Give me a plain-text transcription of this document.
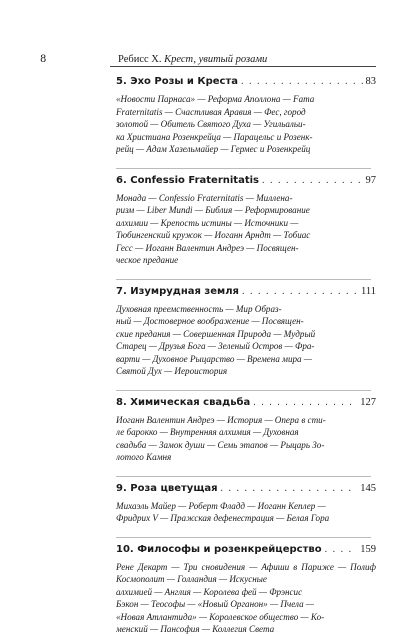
8	Ребисс X. Крест, увитый розами
5. Эхо Розы и Креста . . .	83
«Новости Парнаса» — Реформа Аполлона — Fama
Fraternitatis — Счастливая Аравия — Фес, город
золотой — Обитель Святого Духа — Угильальи-
ка Христиана Розенкрейца — Парацельс и Розенк-
рейц — Адам Хазельмайер — Гермес и Розенкрейц
6. Confessio Fraternitatis . . .	97
Монада — Confessio Fraternitatis — Миллена-
ризм — Liber Mundi — Библия — Реформирование
алхимии — Крепость истины — Источники —
Тюбингенский кружок — Иоганн Арндт — Тобиас
Гесс — Иоганн Валентин Андреэ — Посвящен-
ческое предание
7. Изумрудная земля . . .	111
Духовная преемственность — Мир Образ-
ный — Достоверное воображение — Посвящен-
ские предания — Совершенная Природа — Мудрый
Старец — Друзья Бога — Зеленый Остров — Фра-
варти — Духовное Рыцарство — Времена мира —
Святой Дух — Иероистория
8. Химическая свадьба . . .	127
Иоганн Валентин Андреэ — История — Опера в сти-
ле барокко — Внутренняя алхимия — Духовная
свадьба — Замок души — Семь этапов — Рыцарь Зо-
лотого Камня
9. Роза цветущая . . .	145
Михаэль Майер — Роберт Фладд — Иоганн Кеплер —
Фридрих V — Пражская дефенестрация — Белая Гора
10. Философы и розенкрейцерство . . .	159
Рене Декарт — Три сновидения — Афиши в Париже — Полиф Космополит — Голландия — Искусные
алхимией — Англия — Королева фей — Фрэнсис
Бэкон — Теософы — «Новый Органон» — Пчела —
«Новая Атлантида» — Королевское общество — Ко-
менский — Пансофия — Коллегия Света
